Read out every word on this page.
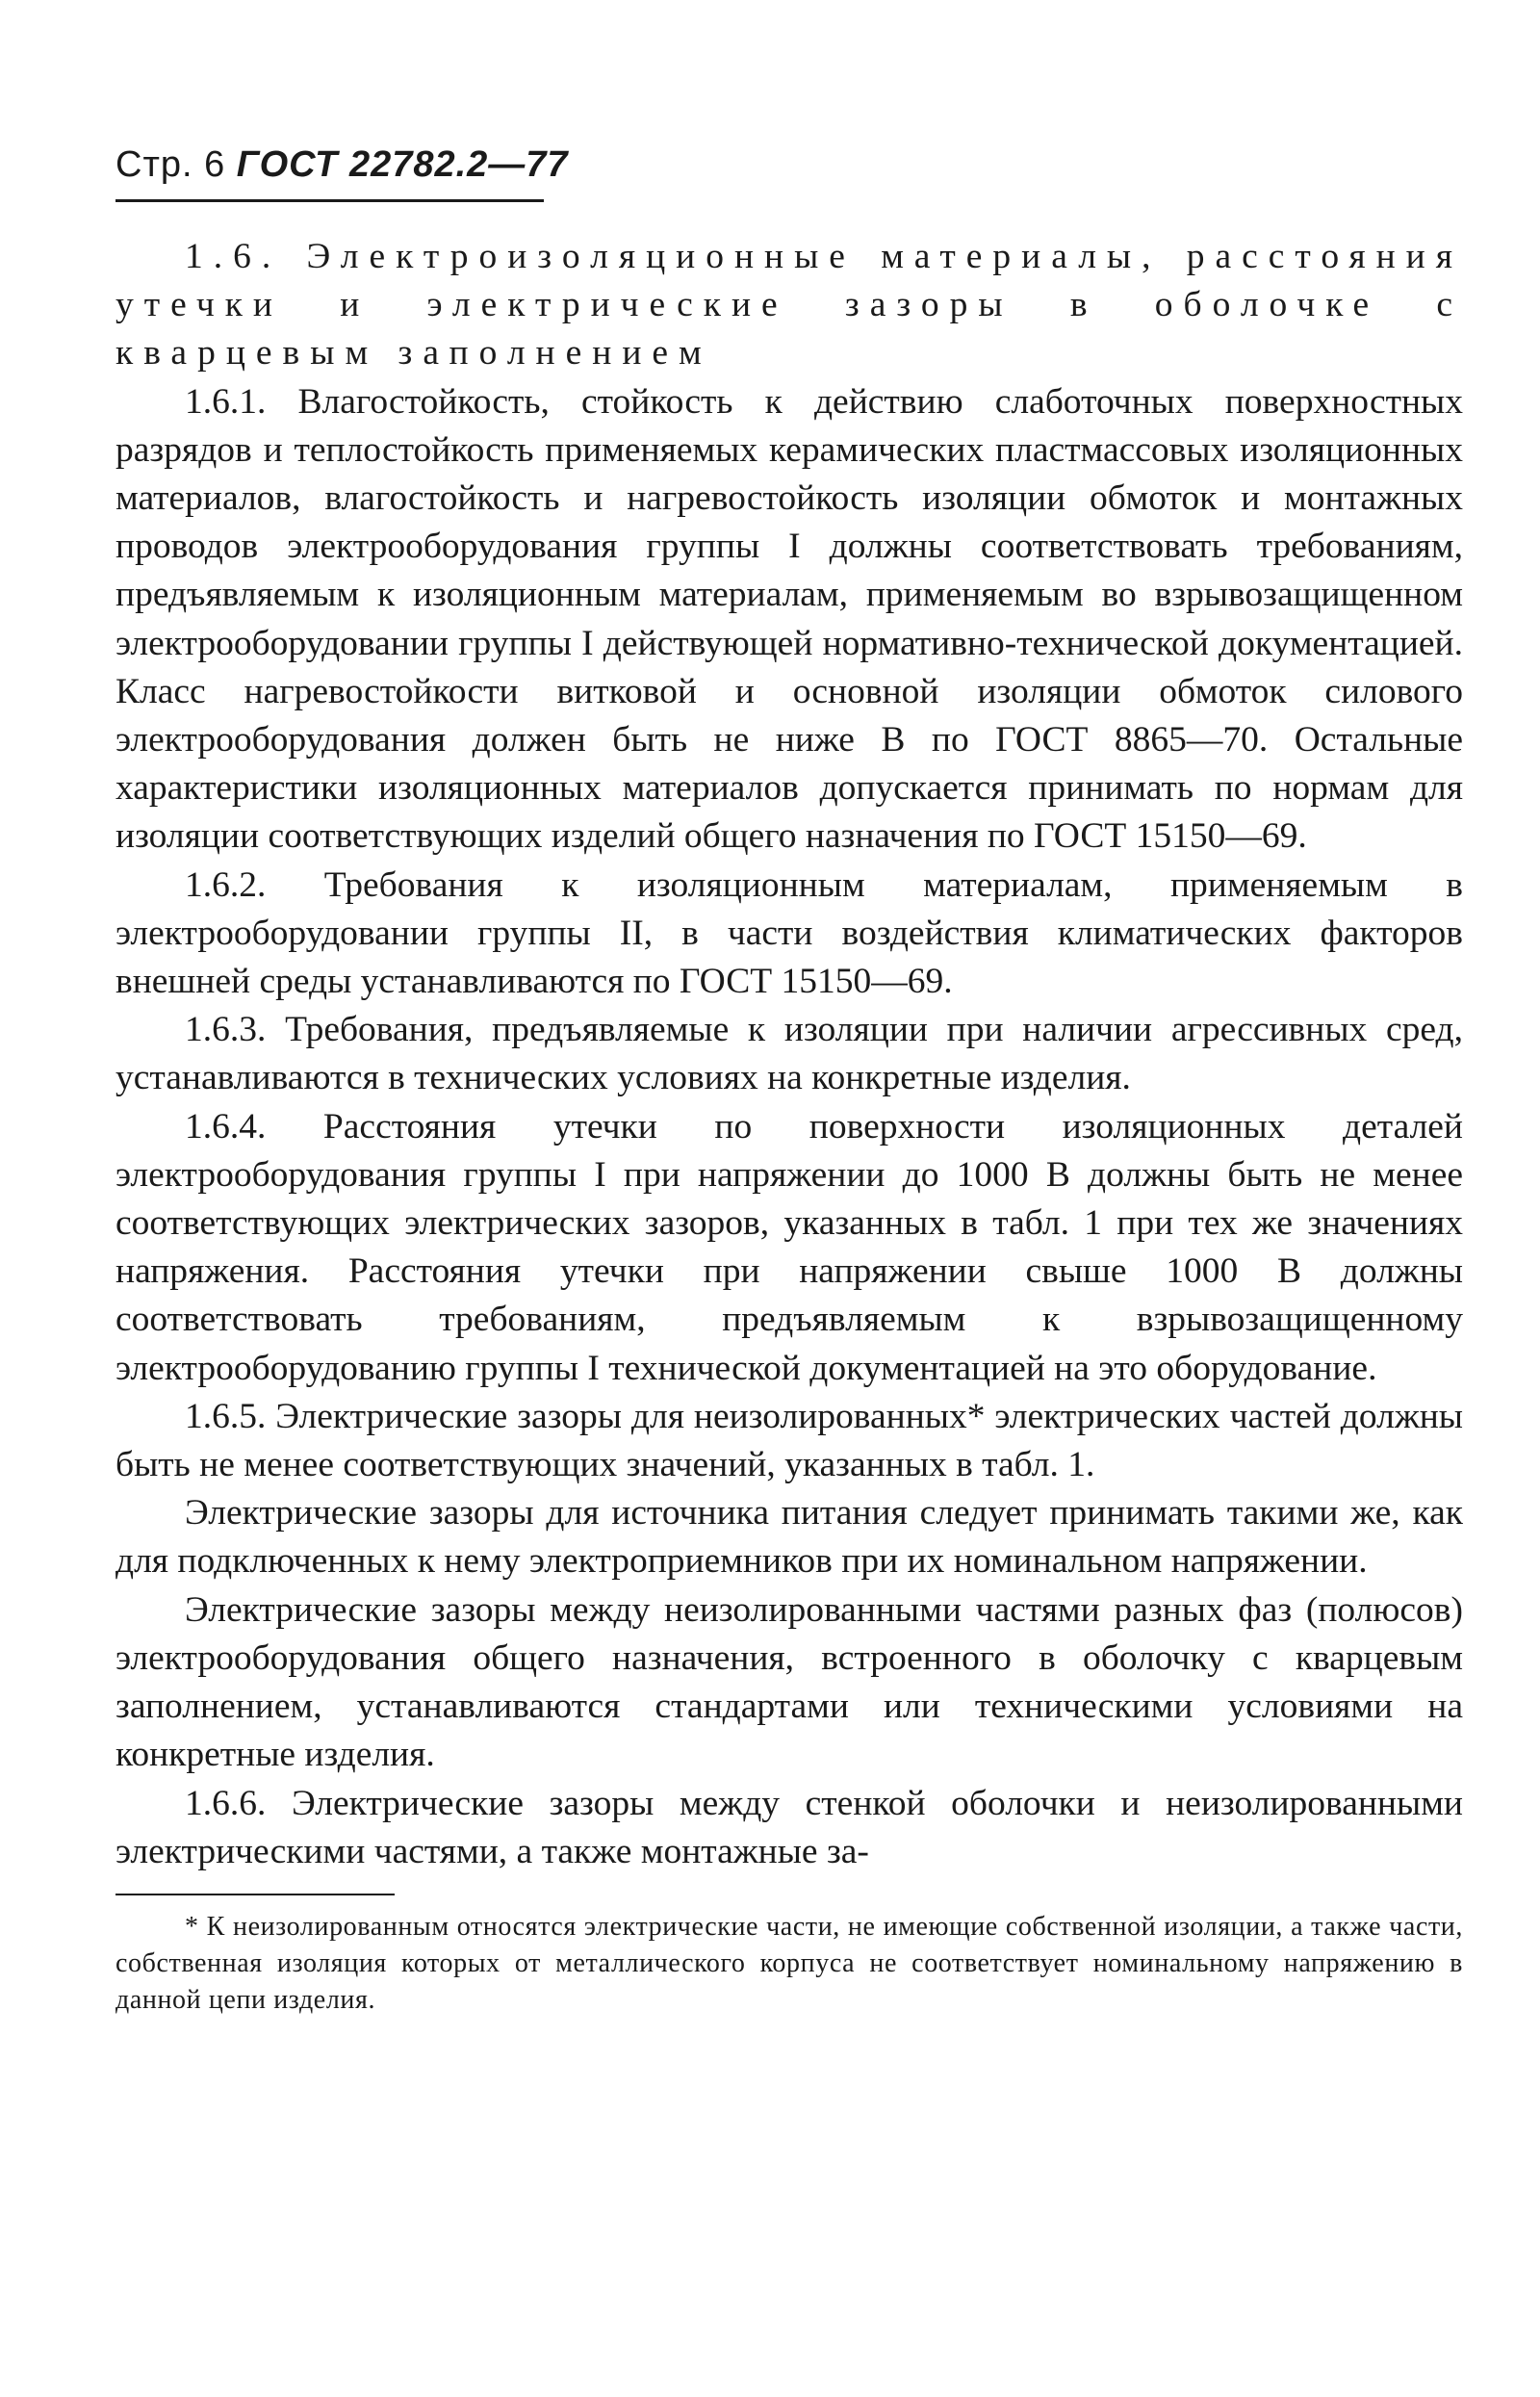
Стр. 6 ГОСТ 22782.2—77

1.6. Электроизоляционные материалы, расстояния утечки и электрические зазоры в оболочке с кварцевым заполнением

1.6.1. Влагостойкость, стойкость к действию слаботочных поверхностных разрядов и теплостойкость применяемых керамических пластмассовых изоляционных материалов, влагостойкость и нагревостойкость изоляции обмоток и монтажных проводов электрооборудования группы I должны соответствовать требованиям, предъявляемым к изоляционным материалам, применяемым во взрывозащищенном электрооборудовании группы I действующей нормативно-технической документацией. Класс нагревостойкости витковой и основной изоляции обмоток силового электрооборудования должен быть не ниже В по ГОСТ 8865—70. Остальные характеристики изоляционных материалов допускается принимать по нормам для изоляции соответствующих изделий общего назначения по ГОСТ 15150—69.

1.6.2. Требования к изоляционным материалам, применяемым в электрооборудовании группы II, в части воздействия климатических факторов внешней среды устанавливаются по ГОСТ 15150—69.

1.6.3. Требования, предъявляемые к изоляции при наличии агрессивных сред, устанавливаются в технических условиях на конкретные изделия.

1.6.4. Расстояния утечки по поверхности изоляционных деталей электрооборудования группы I при напряжении до 1000 В должны быть не менее соответствующих электрических зазоров, указанных в табл. 1 при тех же значениях напряжения. Расстояния утечки при напряжении свыше 1000 В должны соответствовать требованиям, предъявляемым к взрывозащищенному электрооборудованию группы I технической документацией на это оборудование.

1.6.5. Электрические зазоры для неизолированных* электрических частей должны быть не менее соответствующих значений, указанных в табл. 1.

Электрические зазоры для источника питания следует принимать такими же, как для подключенных к нему электроприемников при их номинальном напряжении.

Электрические зазоры между неизолированными частями разных фаз (полюсов) электрооборудования общего назначения, встроенного в оболочку с кварцевым заполнением, устанавливаются стандартами или техническими условиями на конкретные изделия.

1.6.6. Электрические зазоры между стенкой оболочки и неизолированными электрическими частями, а также монтажные за-

* К неизолированным относятся электрические части, не имеющие собственной изоляции, а также части, собственная изоляция которых от металлического корпуса не соответствует номинальному напряжению в данной цепи изделия.
